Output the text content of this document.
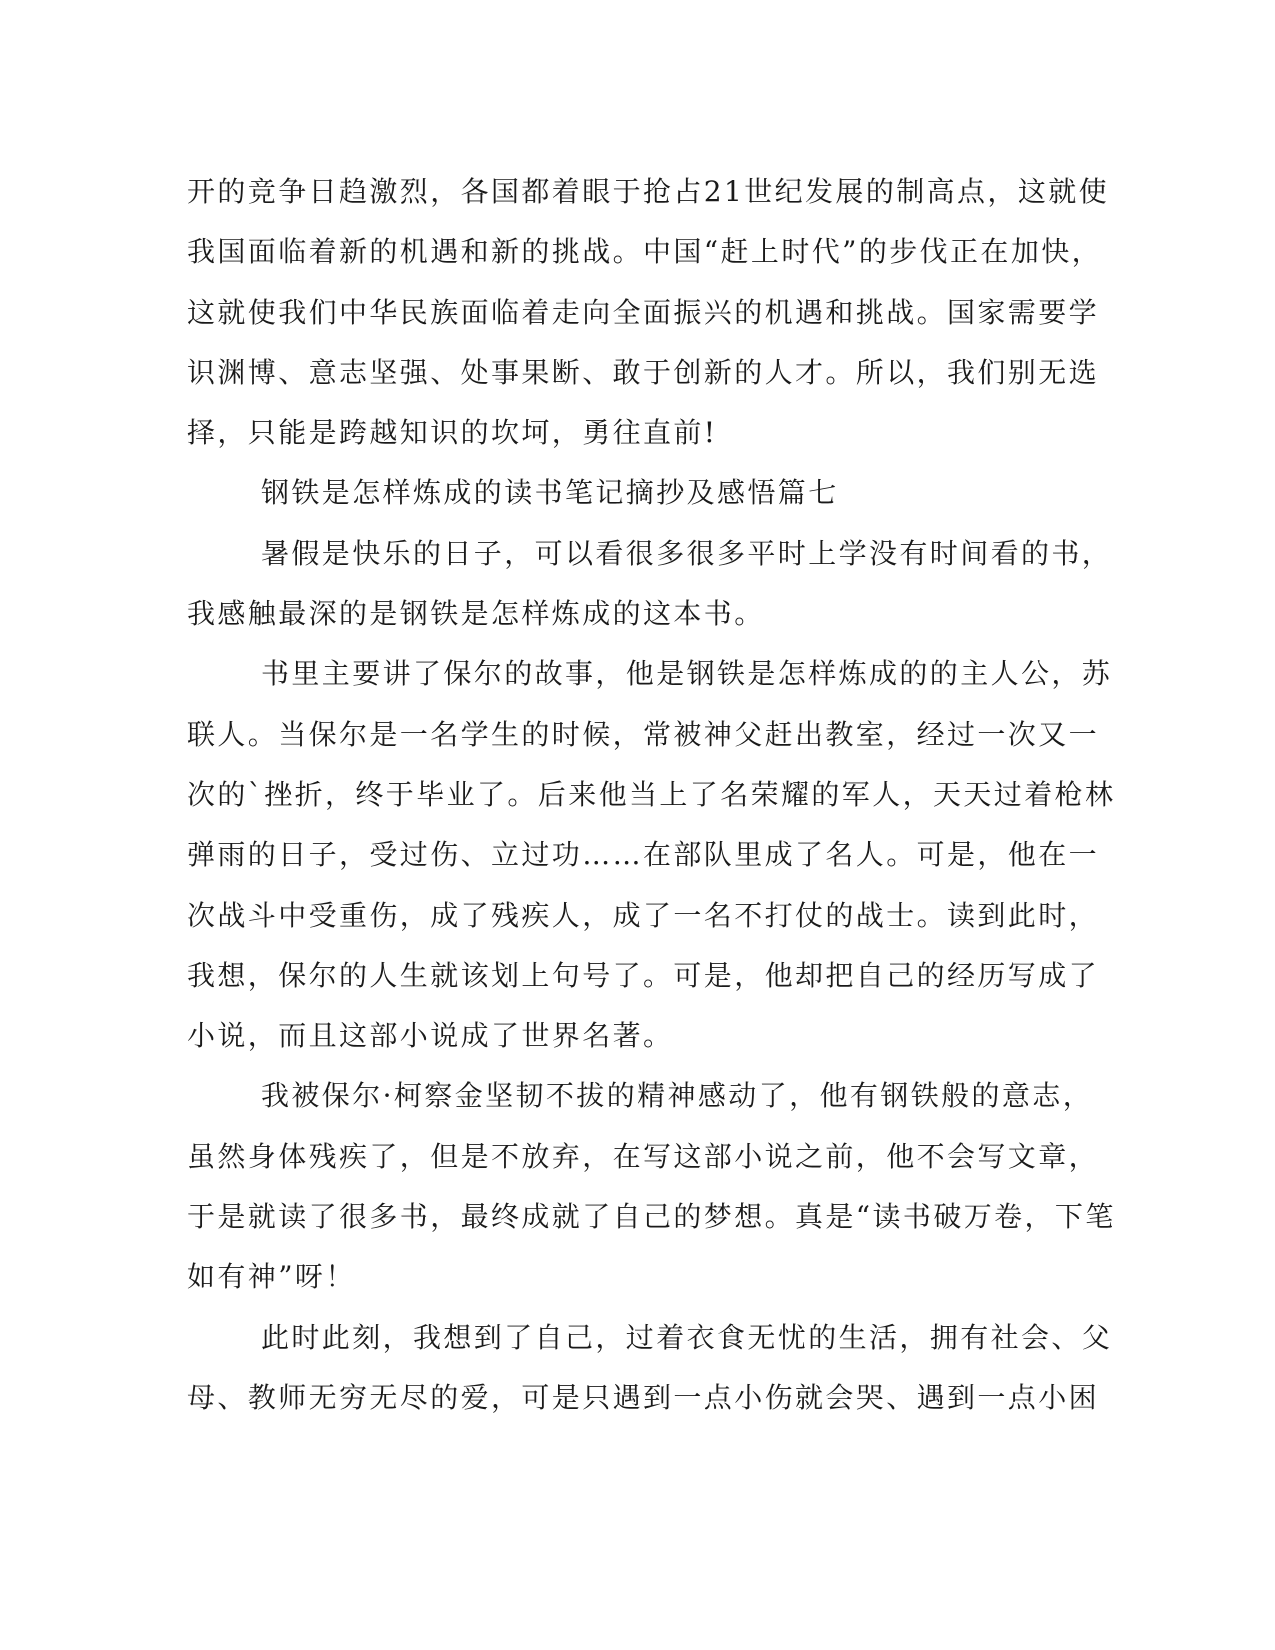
开的竞争日趋激烈，各国都着眼于抢占21世纪发展的制高点，这就使
我国面临着新的机遇和新的挑战。中国“赶上时代”的步伐正在加快，
这就使我们中华民族面临着走向全面振兴的机遇和挑战。国家需要学
识渊博、意志坚强、处事果断、敢于创新的人才。所以，我们别无选
择，只能是跨越知识的坎坷，勇往直前!
钢铁是怎样炼成的读书笔记摘抄及感悟篇七
暑假是快乐的日子，可以看很多很多平时上学没有时间看的书，
我感触最深的是钢铁是怎样炼成的这本书。
书里主要讲了保尔的故事，他是钢铁是怎样炼成的的主人公，苏
联人。当保尔是一名学生的时候，常被神父赶出教室，经过一次又一
次的`挫折，终于毕业了。后来他当上了名荣耀的军人，天天过着枪林
弹雨的日子，受过伤、立过功……在部队里成了名人。可是，他在一
次战斗中受重伤，成了残疾人，成了一名不打仗的战士。读到此时，
我想，保尔的人生就该划上句号了。可是，他却把自己的经历写成了
小说，而且这部小说成了世界名著。
我被保尔·柯察金坚韧不拔的精神感动了，他有钢铁般的意志，
虽然身体残疾了，但是不放弃，在写这部小说之前，他不会写文章，
于是就读了很多书，最终成就了自己的梦想。真是“读书破万卷，下笔
如有神”呀！
此时此刻，我想到了自己，过着衣食无忧的生活，拥有社会、父
母、教师无穷无尽的爱，可是只遇到一点小伤就会哭、遇到一点小困
